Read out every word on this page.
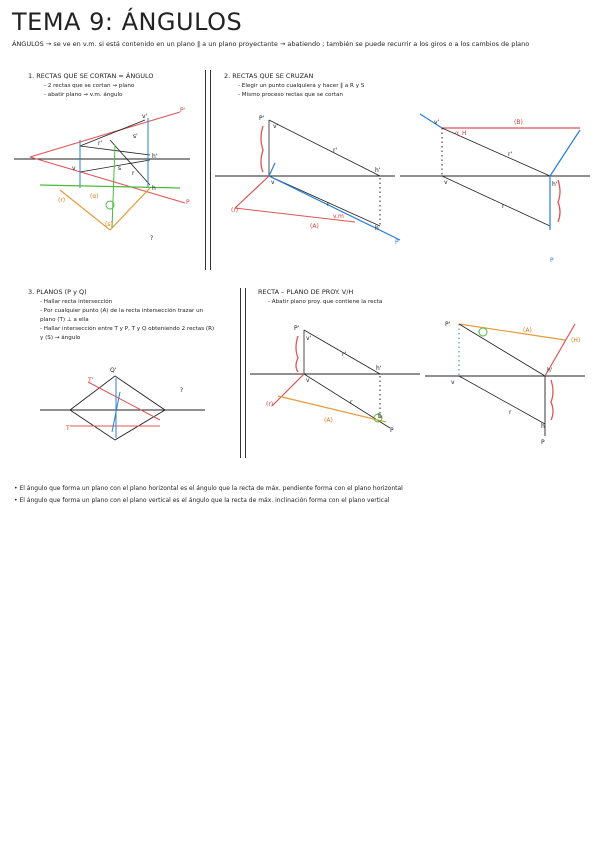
TEMA 9: ÁNGULOS
ÁNGULOS → se ve en v.m. si está contenido en un plano ∥ a un plano proyectante → abatiendo ; también se puede recurrir a los giros o a los cambios de plano
1. RECTAS QUE SE CORTAN = ÁNGULO
- 2 rectas que se cortan → plano
- abatir plano → v.m. ángulo
P'
P
r'
s'
r
s
h'
h
v'
v
(r)
(s)
(α)
?
2. RECTAS QUE SE CRUZAN
- Elegir un punto cualquiera y hacer ∥ a R y S
- Mismo proceso rectas que se cortan
P'
v'
r'
h'
v
r
h
(r)
v.m
(A)
P
v'
α_H
(B)
r'
v
r
h'
P
3. PLANOS (P y Q)
- Hallar recta intersección
- Por cualquier punto (A) de la recta intersección trazar un plano (T) ⊥ a ella
- Hallar intersección entre T y P, T y Q obteniendo 2 rectas (R) y (S) → ángulo
T'
T
Q'
?
RECTA – PLANO DE PROY. V/H
- Abatir plano proy. que contiene la recta
P'
v'
r'
h'
v
r
h
(r)
(A)
P
P'
(A)
(H)
h'
v
r
h
P
• El ángulo que forma un plano con el plano horizontal es el ángulo que la recta de máx. pendiente forma con el plano horizontal
• El ángulo que forma un plano con el plano vertical es el ángulo que la recta de máx. inclinación forma con el plano vertical
